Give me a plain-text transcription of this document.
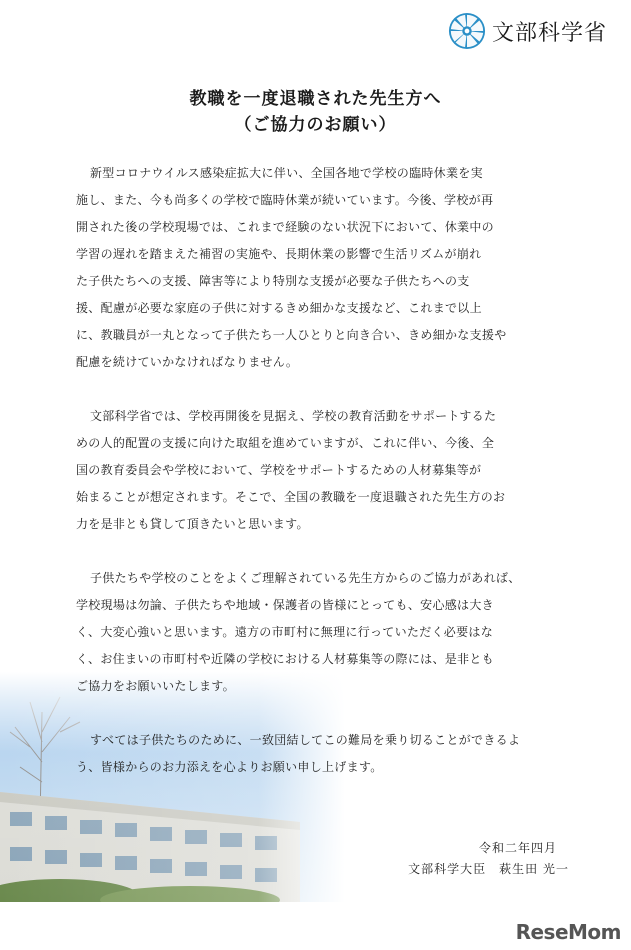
文部科学省
教職を一度退職された先生方へ
（ご協力のお願い）

新型コロナウイルス感染症拡大に伴い、全国各地で学校の臨時休業を実

施し、また、今も尚多くの学校で臨時休業が続いています。今後、学校が再

開された後の学校現場では、これまで経験のない状況下において、休業中の

学習の遅れを踏まえた補習の実施や、長期休業の影響で生活リズムが崩れ

た子供たちへの支援、障害等により特別な支援が必要な子供たちへの支

援、配慮が必要な家庭の子供に対するきめ細かな支援など、これまで以上

に、教職員が一丸となって子供たち一人ひとりと向き合い、きめ細かな支援や

配慮を続けていかなければなりません。

文部科学省では、学校再開後を見据え、学校の教育活動をサポートするた

めの人的配置の支援に向けた取組を進めていますが、これに伴い、今後、全

国の教育委員会や学校において、学校をサポートするための人材募集等が

始まることが想定されます。そこで、全国の教職を一度退職された先生方のお

力を是非とも貸して頂きたいと思います。

子供たちや学校のことをよくご理解されている先生方からのご協力があれば、

学校現場は勿論、子供たちや地域・保護者の皆様にとっても、安心感は大き

く、大変心強いと思います。遠方の市町村に無理に行っていただく必要はな

く、お住まいの市町村や近隣の学校における人材募集等の際には、是非とも

ご協力をお願いいたします。

すべては子供たちのために、一致団結してこの難局を乗り切ることができるよ

う、皆様からのお力添えを心よりお願い申し上げます。

令和二年四月
文部科学大臣　萩生田 光一
ReseMom
